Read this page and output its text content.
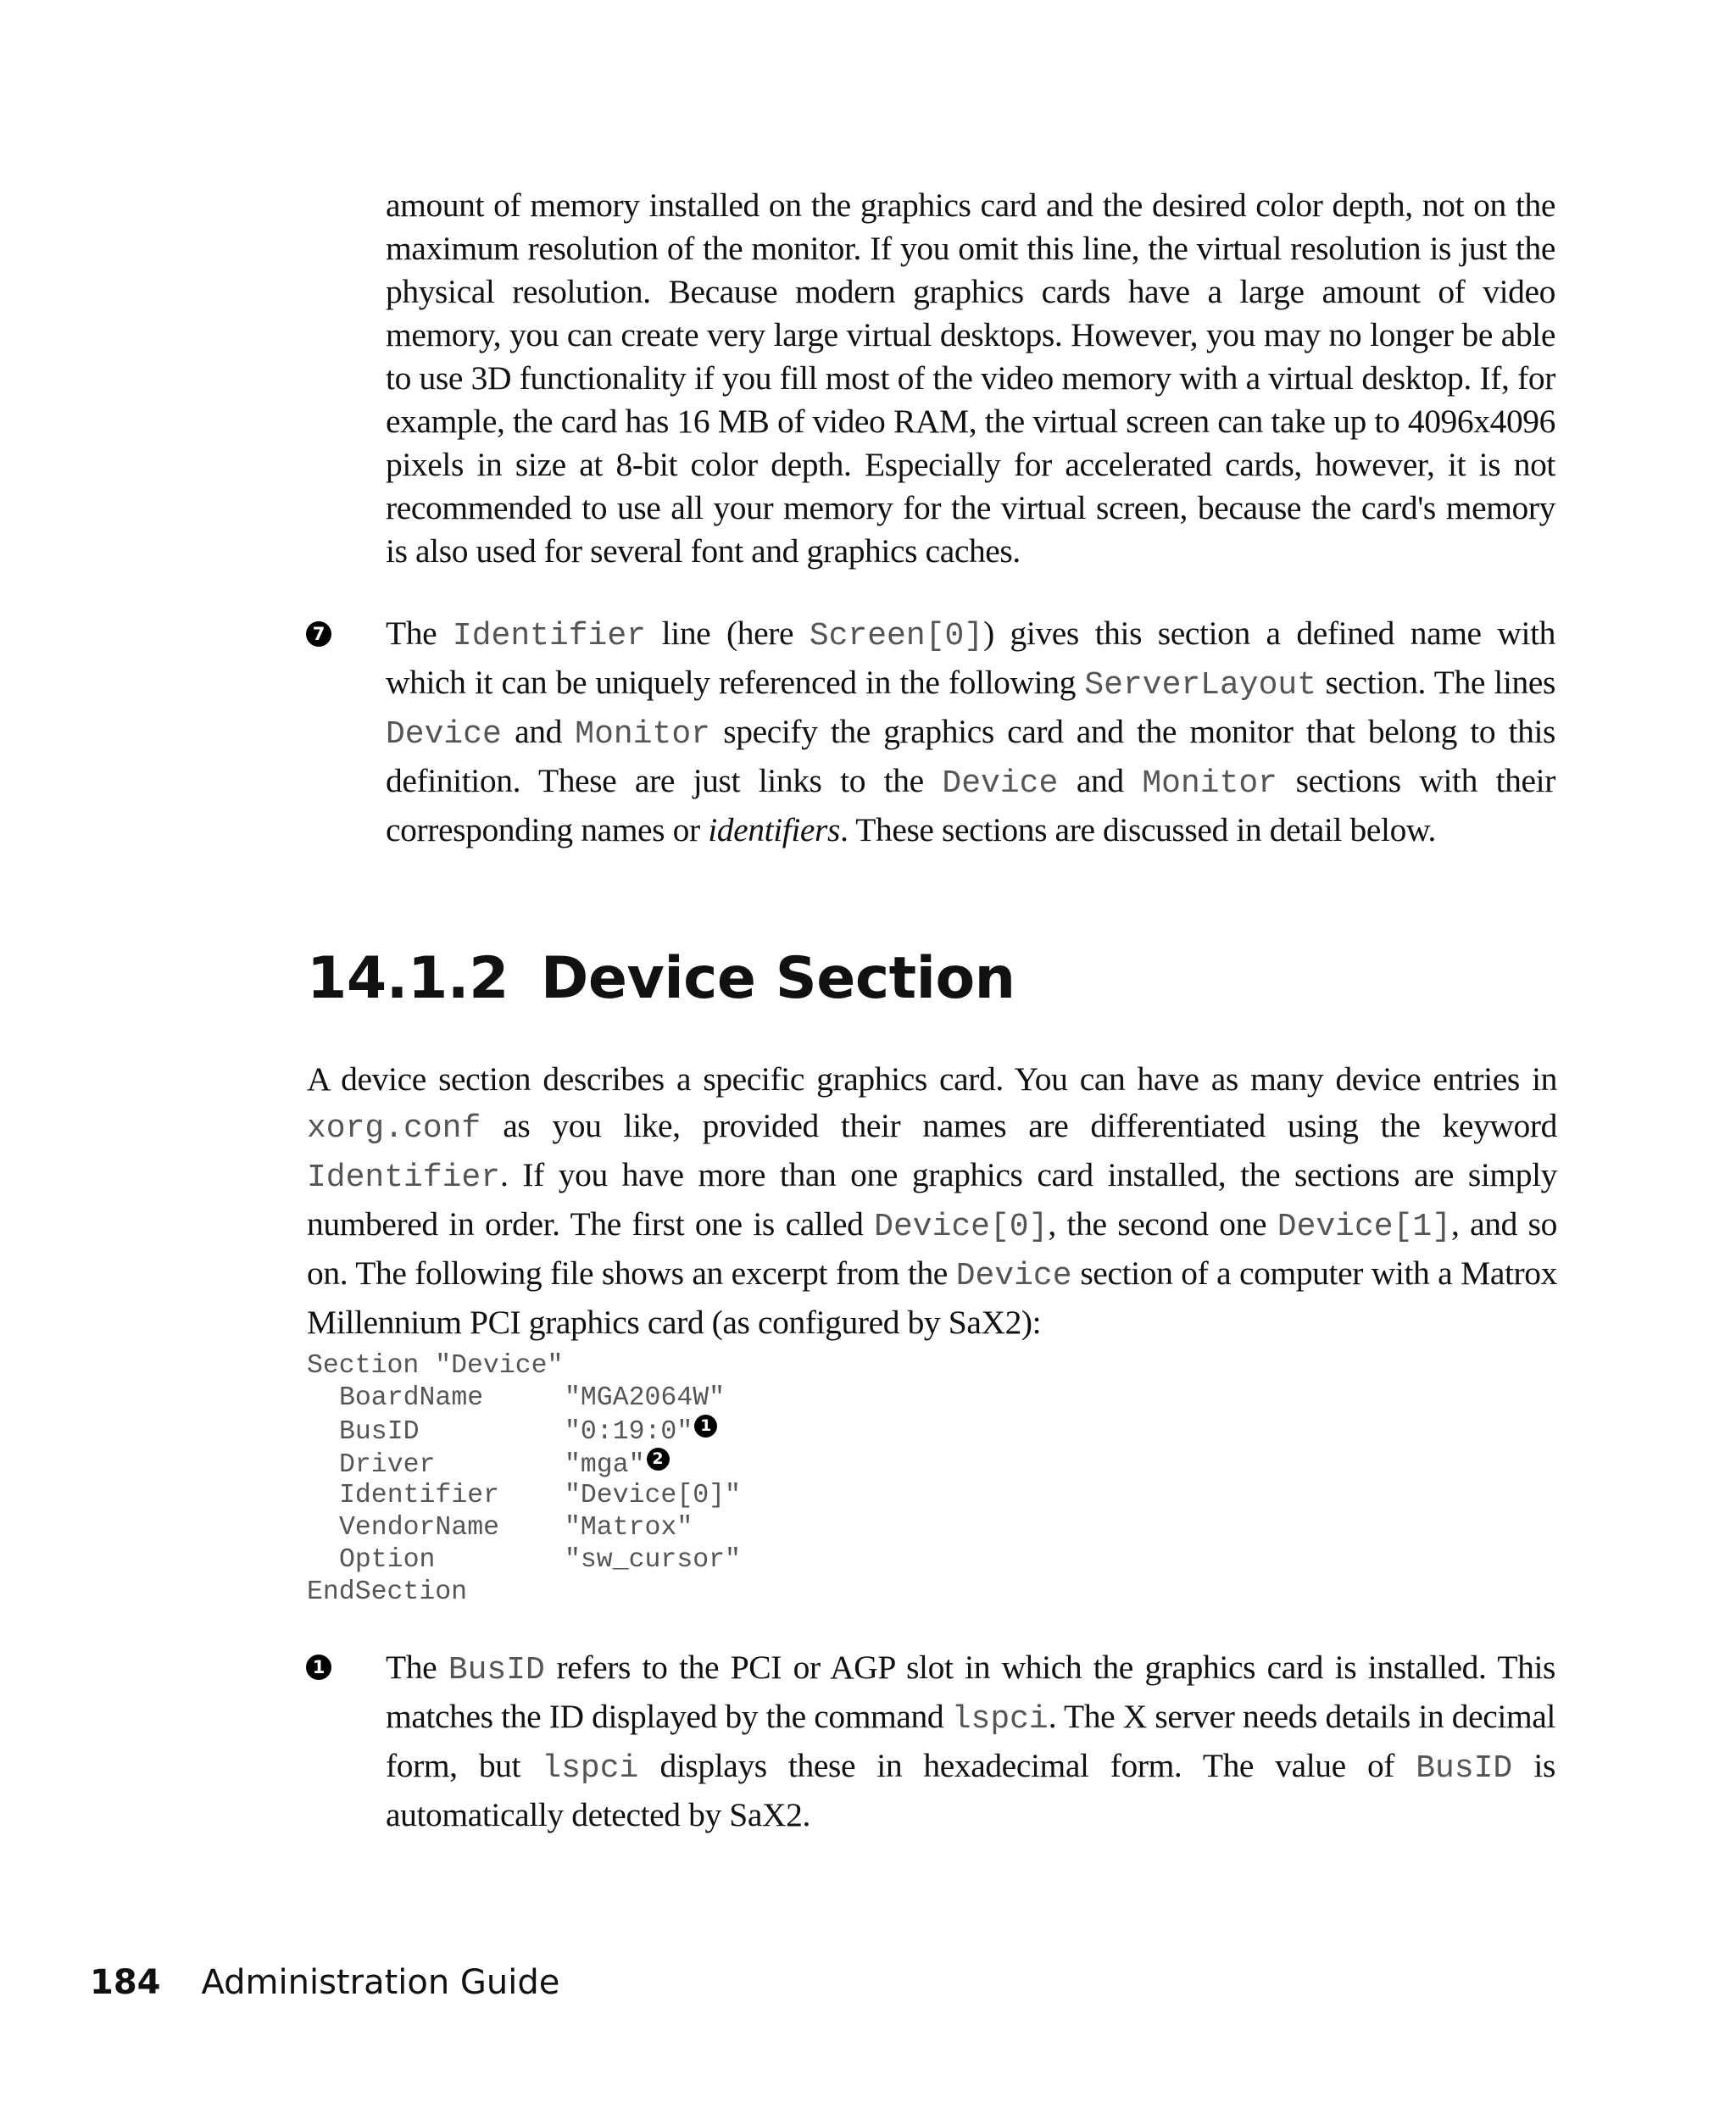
amount of memory installed on the graphics card and the desired color depth, not on the maximum resolution of the monitor. If you omit this line, the virtual resolution is just the physical resolution. Because modern graphics cards have a large amount of video memory, you can create very large virtual desktops. However, you may no longer be able to use 3D functionality if you fill most of the video memory with a virtual desktop. If, for example, the card has 16 MB of video RAM, the virtual screen can take up to 4096x4096 pixels in size at 8-bit color depth. Especially for accelerated cards, however, it is not recommended to use all your memory for the virtual screen, because the card's memory is also used for several font and graphics caches.

7 The Identifier line (here Screen[0]) gives this section a defined name with which it can be uniquely referenced in the following ServerLayout section. The lines Device and Monitor specify the graphics card and the monitor that belong to this definition. These are just links to the Device and Monitor sections with their corresponding names or identifiers. These sections are discussed in detail below.

14.1.2 Device Section

A device section describes a specific graphics card. You can have as many device entries in xorg.conf as you like, provided their names are differentiated using the keyword Identifier. If you have more than one graphics card installed, the sections are simply numbered in order. The first one is called Device[0], the second one Device[1], and so on. The following file shows an excerpt from the Device section of a computer with a Matrox Millennium PCI graphics card (as configured by SaX2):

Section "Device"
BoardName	"MGA2064W"
BusID	"0:19:0" 1
Driver	"mga" 2
Identifier "Device[0]"
VendorName "Matrox"
Option	"sw_cursor"
EndSection
1 The BusID refers to the PCI or AGP slot in which the graphics card is installed. This matches the ID displayed by the command lspci. The X server needs details in decimal form, but lspci displays these in hexadecimal form. The value of BusID is automatically detected by SaX2.

184 Administration Guide
